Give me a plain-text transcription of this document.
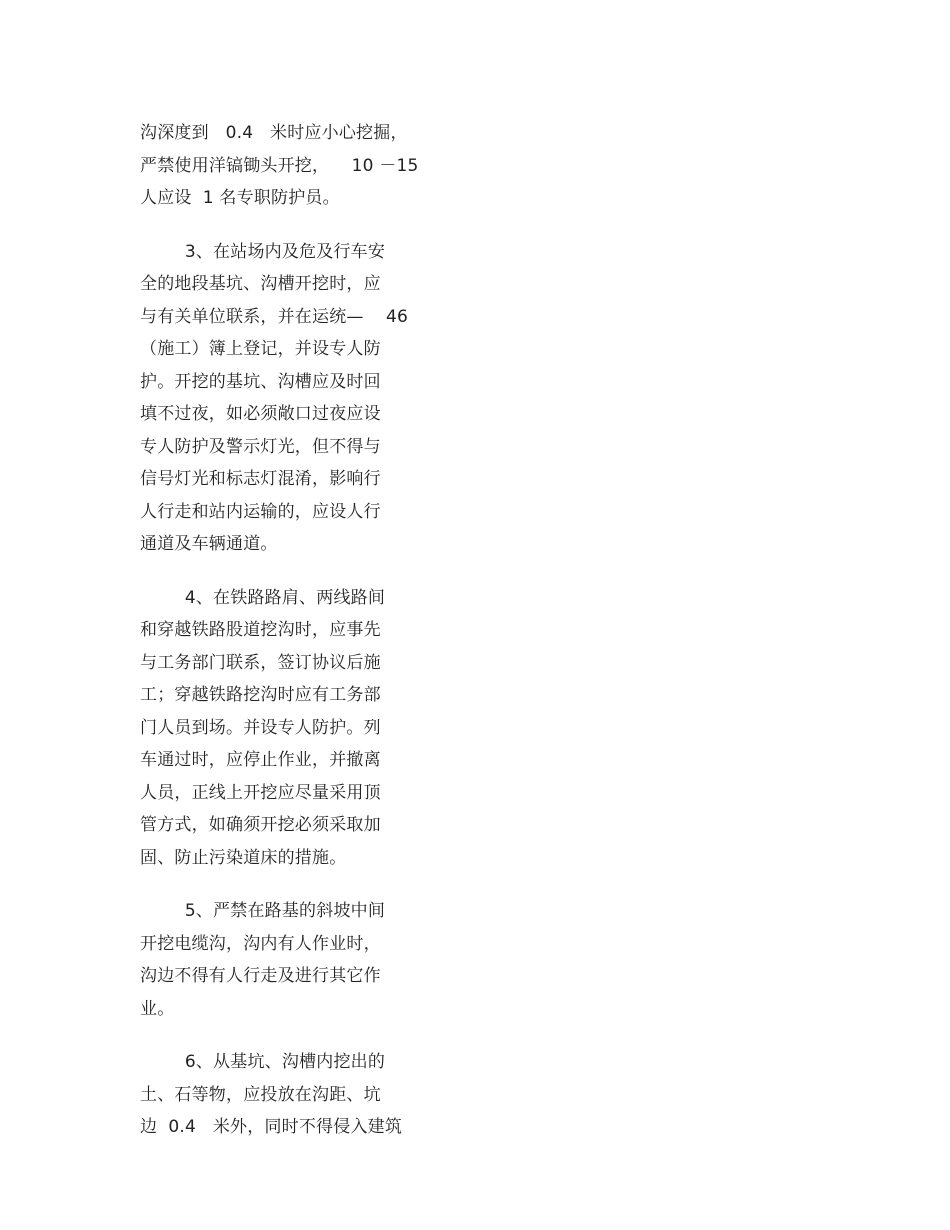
沟深度到   0.4   米时应小心挖掘，
严禁使用洋镐锄头开挖，    10 －15
人应设  1 名专职防护员。
3、在站场内及危及行车安
全的地段基坑、沟槽开挖时，应
与有关单位联系，并在运统—    46
（施工）簿上登记，并设专人防
护。开挖的基坑、沟槽应及时回
填不过夜，如必须敞口过夜应设
专人防护及警示灯光，但不得与
信号灯光和标志灯混淆，影响行
人行走和站内运输的，应设人行
通道及车辆通道。
4、在铁路路肩、两线路间
和穿越铁路股道挖沟时，应事先
与工务部门联系，签订协议后施
工；穿越铁路挖沟时应有工务部
门人员到场。并设专人防护。列
车通过时，应停止作业，并撤离
人员，正线上开挖应尽量采用顶
管方式，如确须开挖必须采取加
固、防止污染道床的措施。
5、严禁在路基的斜坡中间
开挖电缆沟，沟内有人作业时，
沟边不得有人行走及进行其它作
业。
6、从基坑、沟槽内挖出的
土、石等物，应投放在沟距、坑
边  0.4   米外，同时不得侵入建筑
